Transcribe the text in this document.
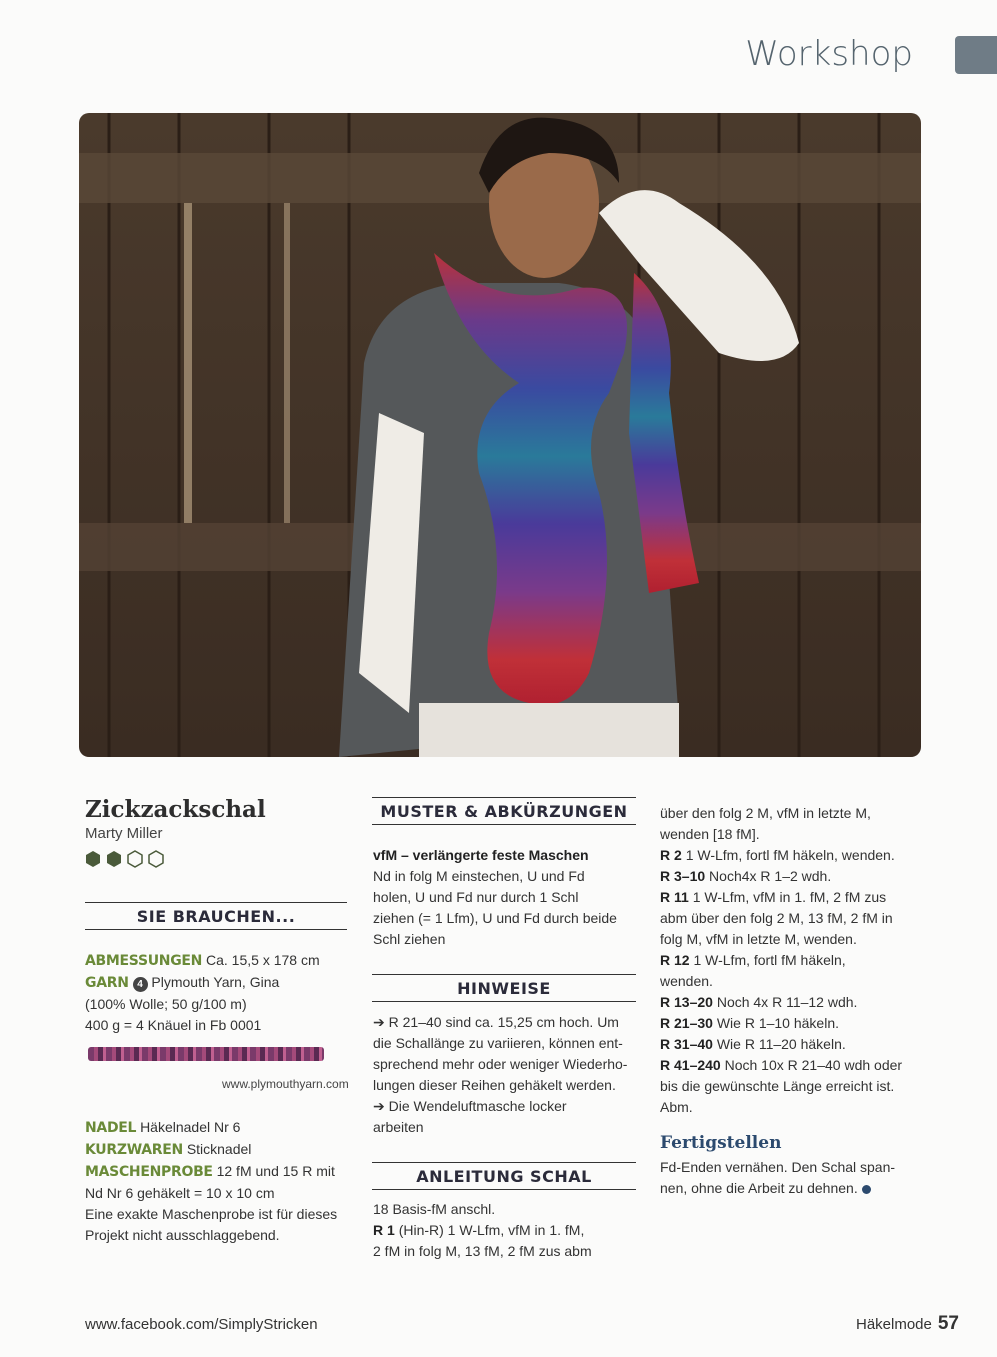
Workshop
Zickzackschal
Marty Miller
SIE BRAUCHEN...

ABMESSUNGEN Ca. 15,5 x 178 cm

GARN 4 Plymouth Yarn, Gina

(100% Wolle; 50 g/100 m)

400 g = 4 Knäuel in Fb 0001

www.plymouthyarn.com

NADEL Häkelnadel Nr 6

KURZWAREN Sticknadel

MASCHENPROBE 12 fM und 15 R mit

Nd Nr 6 gehäkelt = 10 x 10 cm

Eine exakte Maschenprobe ist für dieses

Projekt nicht ausschlaggebend.

MUSTER & ABKÜRZUNGEN

vfM – verlängerte feste Maschen

Nd in folg M einstechen, U und Fd

holen, U und Fd nur durch 1 Schl

ziehen (= 1 Lfm), U und Fd durch beide

Schl ziehen

HINWEISE

➔ R 21–40 sind ca. 15,25 cm hoch. Um

die Schallänge zu variieren, können ent-

sprechend mehr oder weniger Wiederho-

lungen dieser Reihen gehäkelt werden.

➔ Die Wendeluftmasche locker

arbeiten

ANLEITUNG SCHAL

18 Basis-fM anschl.

R 1 (Hin-R) 1 W-Lfm, vfM in 1. fM,

2 fM in folg M, 13 fM, 2 fM zus abm

über den folg 2 M, vfM in letzte M,

wenden [18 fM].

R 2 1 W-Lfm, fortl fM häkeln, wenden.

R 3–10 Noch4x R 1–2 wdh.

R 11 1 W-Lfm, vfM in 1. fM, 2 fM zus

abm über den folg 2 M, 13 fM, 2 fM in

folg M, vfM in letzte M, wenden.

R 12 1 W-Lfm, fortl fM häkeln,

wenden.

R 13–20 Noch 4x R 11–12 wdh.

R 21–30 Wie R 1–10 häkeln.

R 31–40 Wie R 11–20 häkeln.

R 41–240 Noch 10x R 21–40 wdh oder

bis die gewünschte Länge erreicht ist.

Abm.

Fertigstellen

Fd-Enden vernähen. Den Schal span-

nen, ohne die Arbeit zu dehnen.

www.facebook.com/SimplyStricken	Häkelmode 57
